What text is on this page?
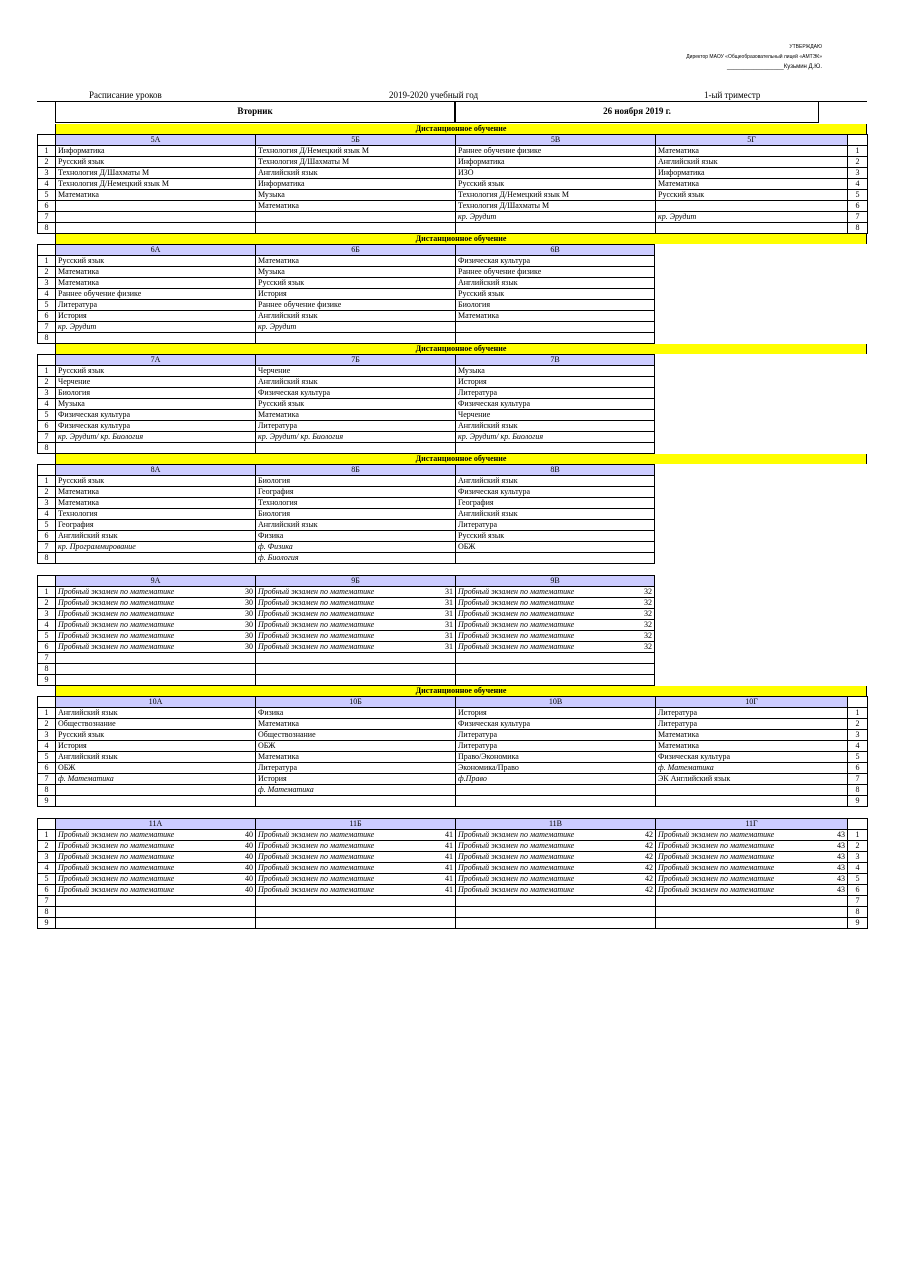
УТВЕРЖДАЮ
Директор МАОУ «Общеобразовательный лицей «АМТЭК»
_________________Кузьмин Д.Ю.
Расписание уроков	2019-2020 учебный год	1-ый триместр
Вторник	26 ноября 2019 г.
Дистанционное обучение
	5А	5Б	5В	5Г	
1	Информатика	Технология Д/Немецкий язык М	Раннее обучение физике	Математика	1
2	Русский язык	Технология Д/Шахматы М	Информатика	Английский язык	2
3	Технология Д/Шахматы М	Английский язык	ИЗО	Информатика	3
4	Технология Д/Немецкий язык М	Информатика	Русский язык	Математика	4
5	Математика	Музыка	Технология Д/Немецкий язык М	Русский язык	5
6		Математика	Технология Д/Шахматы М		6
7			кр. Эрудит	кр. Эрудит	7
8					8
Дистанционное обучение
	6А	6Б	6В
1	Русский язык	Математика	Физическая культура
2	Математика	Музыка	Раннее обучение физике
3	Математика	Русский язык	Английский язык
4	Раннее обучение физике	История	Русский язык
5	Литература	Раннее обучение физике	Биология
6	История	Английский язык	Математика
7	кр. Эрудит	кр. Эрудит	
8			
Дистанционное обучение
	7А	7Б	7В
1	Русский язык	Черчение	Музыка
2	Черчение	Английский язык	История
3	Биология	Физическая культура	Литература
4	Музыка	Русский язык	Физическая культура
5	Физическая культура	Математика	Черчение
6	Физическая культура	Литература	Английский язык
7	кр. Эрудит/ кр. Биология	кр. Эрудит/ кр. Биология	кр. Эрудит/ кр. Биология
8			
Дистанционное обучение
	8А	8Б	8В
1	Русский язык	Биология	Английский язык
2	Математика	География	Физическая культура
3	Математика	Технология	География
4	Технология	Биология	Английский язык
5	География	Английский язык	Литература
6	Английский язык	Физика	Русский язык
7	кр. Программирование	ф. Физика	ОБЖ
8		ф. Биология	
	9А	9Б	9В
1	Пробный экзамен по математике 30	Пробный экзамен по математике 31	Пробный экзамен по математике 32

2	Пробный экзамен по математике 30	Пробный экзамен по математике 31	Пробный экзамен по математике 32

3	Пробный экзамен по математике 30	Пробный экзамен по математике 31	Пробный экзамен по математике 32

4	Пробный экзамен по математике 30	Пробный экзамен по математике 31	Пробный экзамен по математике 32

5	Пробный экзамен по математике 30	Пробный экзамен по математике 31	Пробный экзамен по математике 32

6	Пробный экзамен по математике 30	Пробный экзамен по математике 31	Пробный экзамен по математике 32

7			
8			
9			
Дистанционное обучение
	10А	10Б	10В	10Г	
1	Английский язык	Физика	История	Литература	1
2	Обществознание	Математика	Физическая культура	Литература	2
3	Русский язык	Обществознание	Литература	Математика	3
4	История	ОБЖ	Литература	Математика	4
5	Английский язык	Математика	Право/Экономика	Физическая культура	5
6	ОБЖ	Литература	Экономика/Право	ф. Математика	6
7	ф. Математика	История	ф.Право	ЭК Английский язык	7
8		ф. Математика			8
9					9
	11А	11Б	11В	11Г	
1	Пробный экзамен по математике 40	Пробный экзамен по математике 41	Пробный экзамен по математике 42	Пробный экзамен по математике 43	1
2	Пробный экзамен по математике 40	Пробный экзамен по математике 41	Пробный экзамен по математике 42	Пробный экзамен по математике 43	2
3	Пробный экзамен по математике 40	Пробный экзамен по математике 41	Пробный экзамен по математике 42	Пробный экзамен по математике 43	3
4	Пробный экзамен по математике 40	Пробный экзамен по математике 41	Пробный экзамен по математике 42	Пробный экзамен по математике 43	4
5	Пробный экзамен по математике 40	Пробный экзамен по математике 41	Пробный экзамен по математике 42	Пробный экзамен по математике 43	5
6	Пробный экзамен по математике 40	Пробный экзамен по математике 41	Пробный экзамен по математике 42	Пробный экзамен по математике 43	6
7					7
8					8
9					9
